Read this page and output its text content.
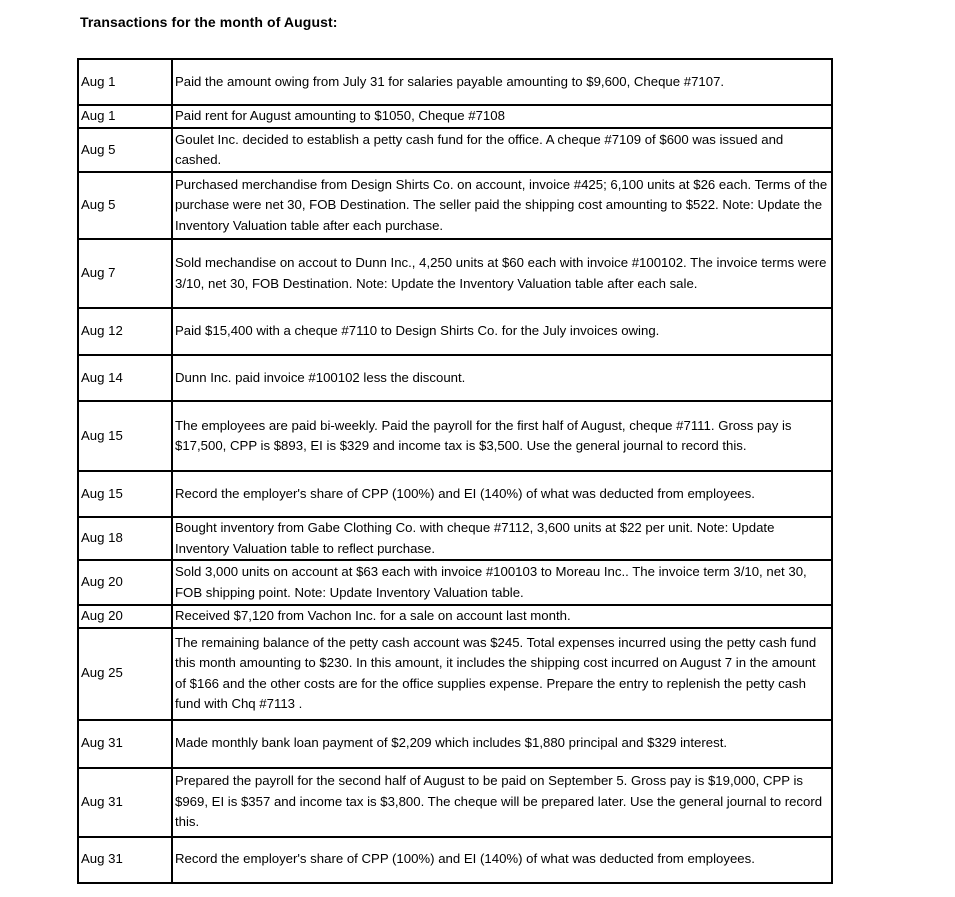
Transactions for the month of August:
Aug 1	Paid the amount owing from July 31 for salaries payable amounting to $9,600, Cheque #7107.
Aug 1	Paid rent for August amounting to $1050, Cheque #7108
Aug 5	Goulet Inc. decided to establish a petty cash fund for the office. A cheque #7109 of $600 was issued and cashed.
Aug 5	Purchased merchandise from Design Shirts Co. on account, invoice #425; 6,100 units at $26 each. Terms of the purchase were net 30, FOB Destination. The seller paid the shipping cost amounting to $522. Note: Update the Inventory Valuation table after each purchase.
Aug 7	Sold mechandise on accout to Dunn Inc., 4,250 units at $60 each with invoice #100102. The invoice terms were 3/10, net 30, FOB Destination. Note: Update the Inventory Valuation table after each sale.
Aug 12	Paid $15,400 with a cheque #7110 to Design Shirts Co. for the July invoices owing.
Aug 14	Dunn Inc. paid invoice #100102 less the discount.
Aug 15	The employees are paid bi-weekly. Paid the payroll for the first half of August, cheque #7111. Gross pay is $17,500, CPP is $893, EI is $329 and income tax is $3,500. Use the general journal to record this.
Aug 15	Record the employer's share of CPP (100%) and EI (140%) of what was deducted from employees.
Aug 18	Bought inventory from Gabe Clothing Co. with cheque #7112, 3,600 units at $22 per unit. Note: Update Inventory Valuation table to reflect purchase.
Aug 20	Sold 3,000 units on account at $63 each with invoice #100103 to Moreau Inc.. The invoice term 3/10, net 30, FOB shipping point. Note: Update Inventory Valuation table.
Aug 20	Received $7,120 from Vachon Inc. for a sale on account last month.
Aug 25	The remaining balance of the petty cash account was $245. Total expenses incurred using the petty cash fund this month amounting to $230. In this amount, it includes the shipping cost incurred on August 7 in the amount of $166 and the other costs are for the office supplies expense. Prepare the entry to replenish the petty cash fund with Chq #7113 .
Aug 31	Made monthly bank loan payment of $2,209 which includes $1,880 principal and $329 interest.
Aug 31	Prepared the payroll for the second half of August to be paid on September 5. Gross pay is $19,000, CPP is $969, EI is $357 and income tax is $3,800. The cheque will be prepared later. Use the general journal to record this.
Aug 31	Record the employer's share of CPP (100%) and EI (140%) of what was deducted from employees.
